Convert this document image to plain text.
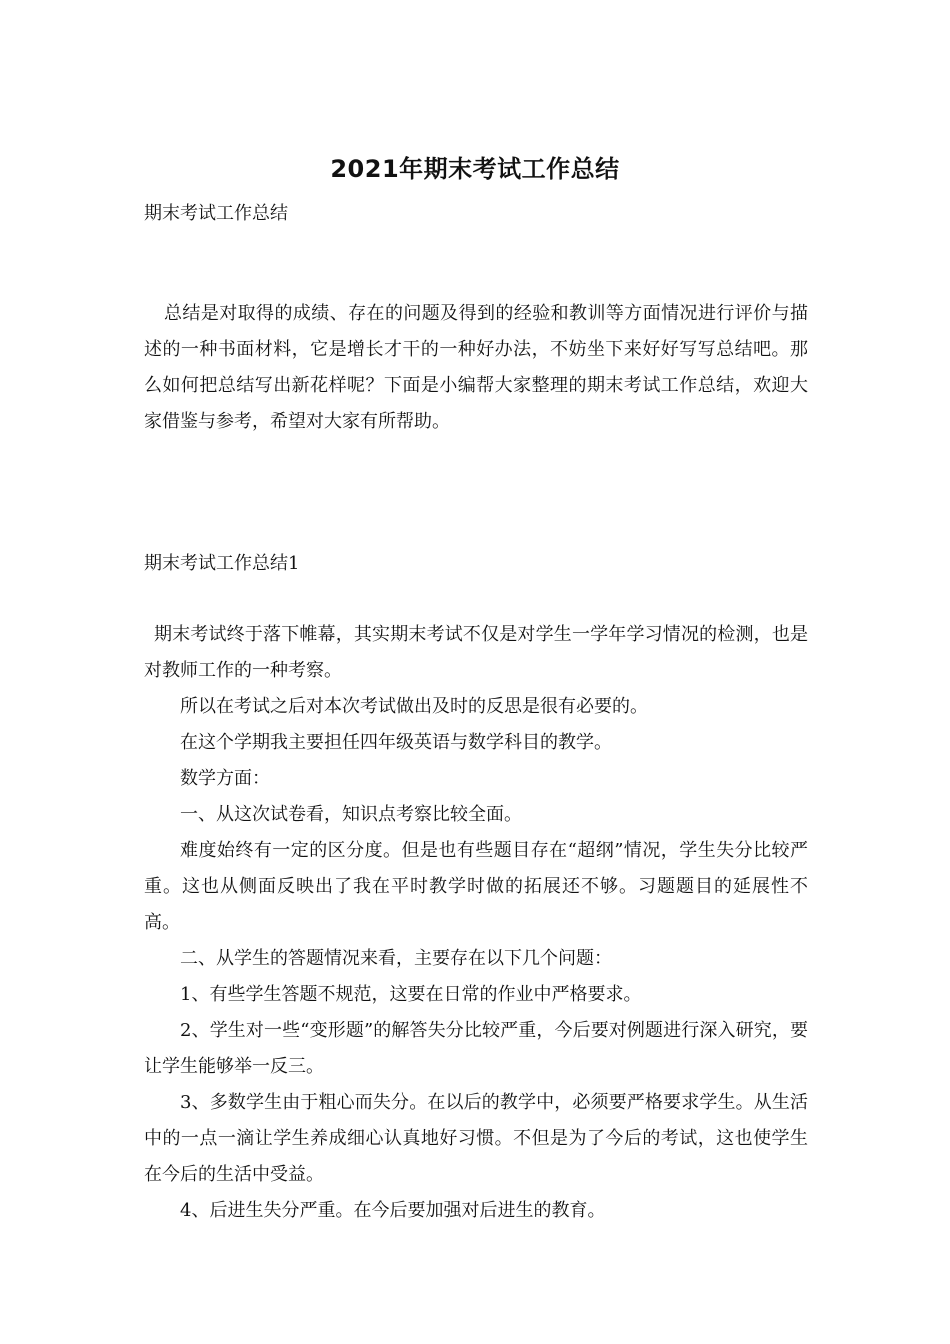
2021年期末考试工作总结
期末考试工作总结
总结是对取得的成绩、存在的问题及得到的经验和教训等方面情况进行评价与描述的一种书面材料，它是增长才干的一种好办法，不妨坐下来好好写写总结吧。那么如何把总结写出新花样呢？下面是小编帮大家整理的期末考试工作总结，欢迎大家借鉴与参考，希望对大家有所帮助。
期末考试工作总结1

期末考试终于落下帷幕，其实期末考试不仅是对学生一学年学习情况的检测，也是对教师工作的一种考察。

所以在考试之后对本次考试做出及时的反思是很有必要的。

在这个学期我主要担任四年级英语与数学科目的教学。

数学方面：

一、从这次试卷看，知识点考察比较全面。

难度始终有一定的区分度。但是也有些题目存在“超纲”情况，学生失分比较严重。这也从侧面反映出了我在平时教学时做的拓展还不够。习题题目的延展性不高。

二、从学生的答题情况来看，主要存在以下几个问题：

1、有些学生答题不规范，这要在日常的作业中严格要求。

2、学生对一些“变形题”的解答失分比较严重，今后要对例题进行深入研究，要让学生能够举一反三。

3、多数学生由于粗心而失分。在以后的教学中，必须要严格要求学生。从生活中的一点一滴让学生养成细心认真地好习惯。不但是为了今后的考试，这也使学生在今后的生活中受益。

4、后进生失分严重。在今后要加强对后进生的教育。
